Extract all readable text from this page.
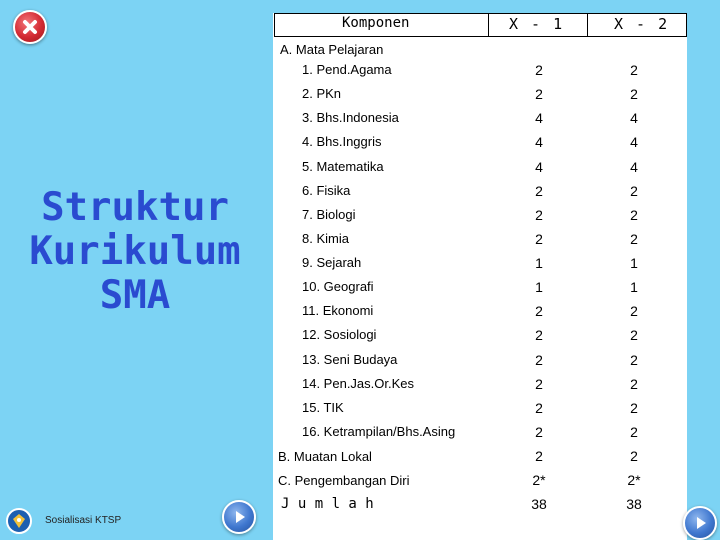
Struktur
Kurikulum
SMA
Sosialisasi KTSP
Komponen	X - 1	X - 2
A. Mata Pelajaran
1. Pend.Agama	2	2
2. PKn	2	2
3. Bhs.Indonesia	4	4
4. Bhs.Inggris	4	4
5. Matematika	4	4
6. Fisika	2	2
7. Biologi	2	2
8. Kimia	2	2
9. Sejarah	1	1
10. Geografi	1	1
11. Ekonomi	2	2
12. Sosiologi	2	2
13. Seni Budaya	2	2
14. Pen.Jas.Or.Kes	2	2
15. TIK	2	2
16. Ketrampilan/Bhs.Asing	2	2
B. Muatan Lokal	2	2
C. Pengembangan Diri	2*	2*
J u m l a h	38	38
